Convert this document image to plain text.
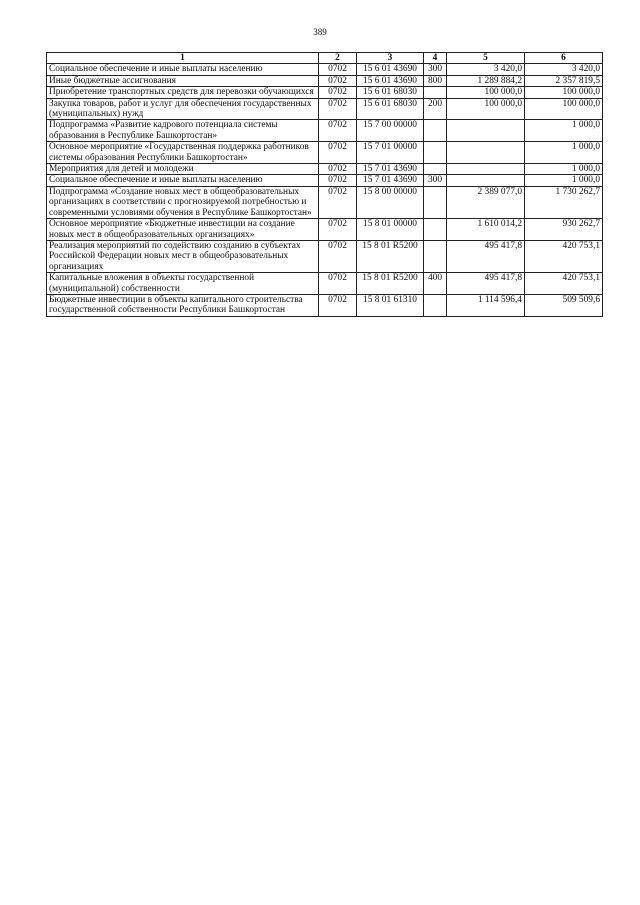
389
1	2	3	4	5	6
Социальное обеспечение и иные выплаты населению	0702	15 6 01 43690	300	3 420,0	3 420,0
Иные бюджетные ассигнования	0702	15 6 01 43690	800	1 289 884,2	2 357 819,5
Приобретение транспортных средств для перевозки обучающихся	0702	15 6 01 68030		100 000,0	100 000,0
Закупка товаров, работ и услуг для обеспечения государственных (муниципальных) нужд	0702	15 6 01 68030	200	100 000,0	100 000,0
Подпрограмма «Развитие кадрового потенциала системы образования в Республике Башкортостан»	0702	15 7 00 00000			1 000,0
Основное мероприятие «Государственная поддержка работников системы образования Республики Башкортостан»	0702	15 7 01 00000			1 000,0
Мероприятия для детей и молодежи	0702	15 7 01 43690			1 000,0
Социальное обеспечение и иные выплаты населению	0702	15 7 01 43690	300		1 000,0
Подпрограмма «Создание новых мест в общеобразовательных организациях в соответствии с прогнозируемой потребностью и современными условиями обучения в Республике Башкортостан»	0702	15 8 00 00000		2 389 077,0	1 730 262,7
Основное мероприятие «Бюджетные инвестиции на создание новых мест в общеобразовательных организациях»	0702	15 8 01 00000		1 610 014,2	930 262,7
Реализация мероприятий по содействию созданию в субъектах Российской Федерации новых мест в общеобразовательных организациях	0702	15 8 01 R5200		495 417,8	420 753,1
Капитальные вложения в объекты государственной (муниципальной) собственности	0702	15 8 01 R5200	400	495 417,8	420 753,1
Бюджетные инвестиции в объекты капитального строительства государственной собственности Республики Башкортостан	0702	15 8 01 61310		1 114 596,4	509 509,6
